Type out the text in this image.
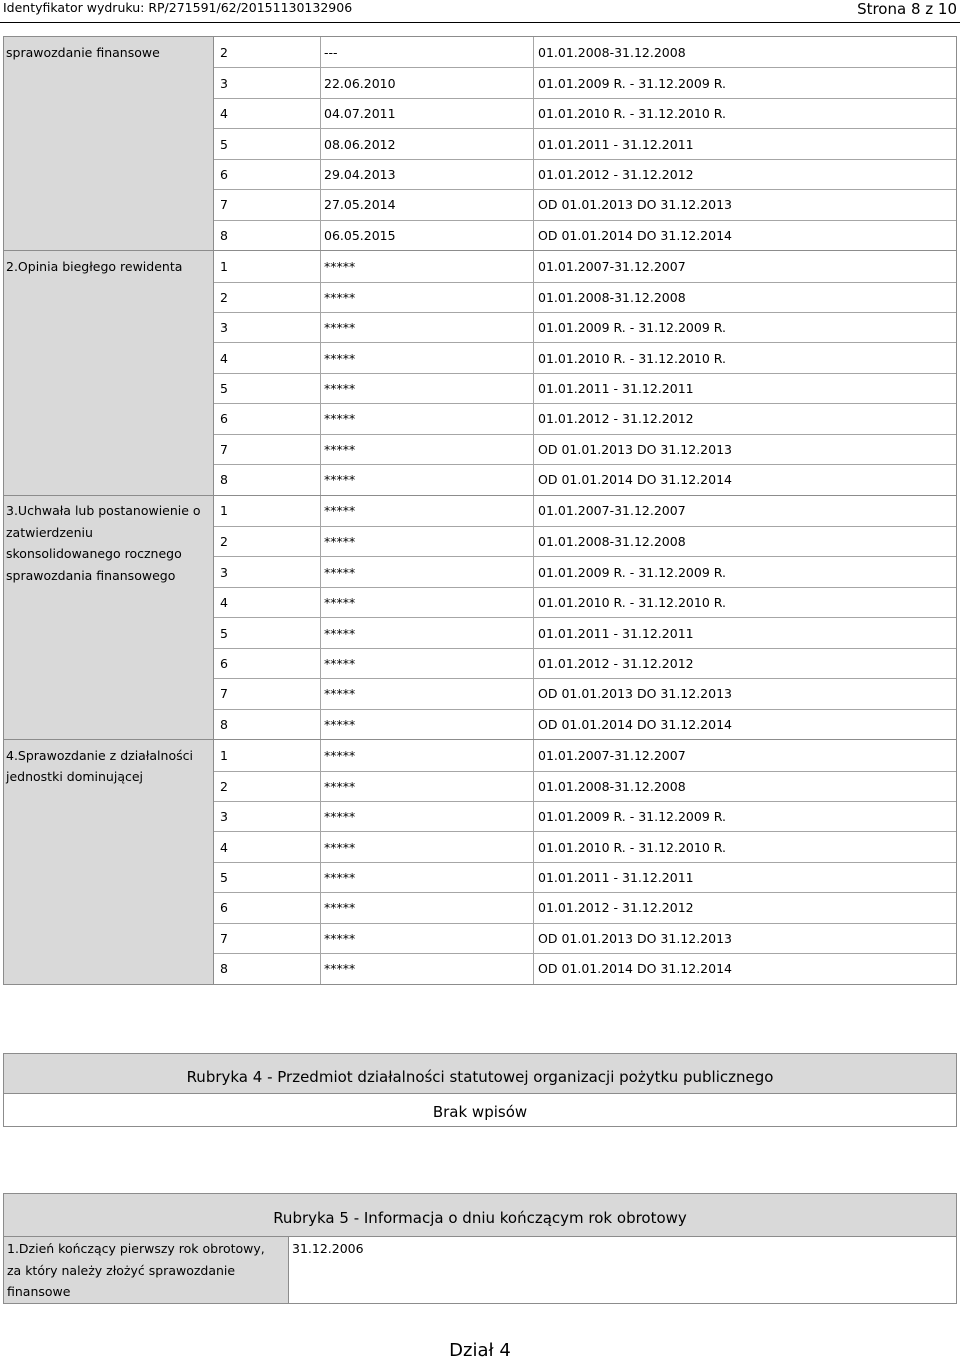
Identyfikator wydruku: RP/271591/62/20151130132906	Strona 8 z 10
sprawozdanie finansowe	2	---	01.01.2008-31.12.2008
3	22.06.2010	01.01.2009 R. - 31.12.2009 R.
4	04.07.2011	01.01.2010 R. - 31.12.2010 R.
5	08.06.2012	01.01.2011 - 31.12.2011
6	29.04.2013	01.01.2012 - 31.12.2012
7	27.05.2014	OD 01.01.2013 DO 31.12.2013
8	06.05.2015	OD 01.01.2014 DO 31.12.2014
2.Opinia biegłego rewidenta	1	*****	01.01.2007-31.12.2007
2	*****	01.01.2008-31.12.2008
3	*****	01.01.2009 R. - 31.12.2009 R.
4	*****	01.01.2010 R. - 31.12.2010 R.
5	*****	01.01.2011 - 31.12.2011
6	*****	01.01.2012 - 31.12.2012
7	*****	OD 01.01.2013 DO 31.12.2013
8	*****	OD 01.01.2014 DO 31.12.2014
3.Uchwała lub postanowienie o
zatwierdzeniu
skonsolidowanego rocznego
sprawozdania finansowego
1	*****	01.01.2007-31.12.2007
2	*****	01.01.2008-31.12.2008
3	*****	01.01.2009 R. - 31.12.2009 R.
4	*****	01.01.2010 R. - 31.12.2010 R.
5	*****	01.01.2011 - 31.12.2011
6	*****	01.01.2012 - 31.12.2012
7	*****	OD 01.01.2013 DO 31.12.2013
8	*****	OD 01.01.2014 DO 31.12.2014
4.Sprawozdanie z działalności
jednostki dominującej
1	*****	01.01.2007-31.12.2007
2	*****	01.01.2008-31.12.2008
3	*****	01.01.2009 R. - 31.12.2009 R.
4	*****	01.01.2010 R. - 31.12.2010 R.
5	*****	01.01.2011 - 31.12.2011
6	*****	01.01.2012 - 31.12.2012
7	*****	OD 01.01.2013 DO 31.12.2013
8	*****	OD 01.01.2014 DO 31.12.2014
Rubryka 4 - Przedmiot działalności statutowej organizacji pożytku publicznego
Brak wpisów
Rubryka 5 - Informacja o dniu kończącym rok obrotowy
1.Dzień kończący pierwszy rok obrotowy,
za który należy złożyć sprawozdanie
finansowe
31.12.2006
Dział 4
